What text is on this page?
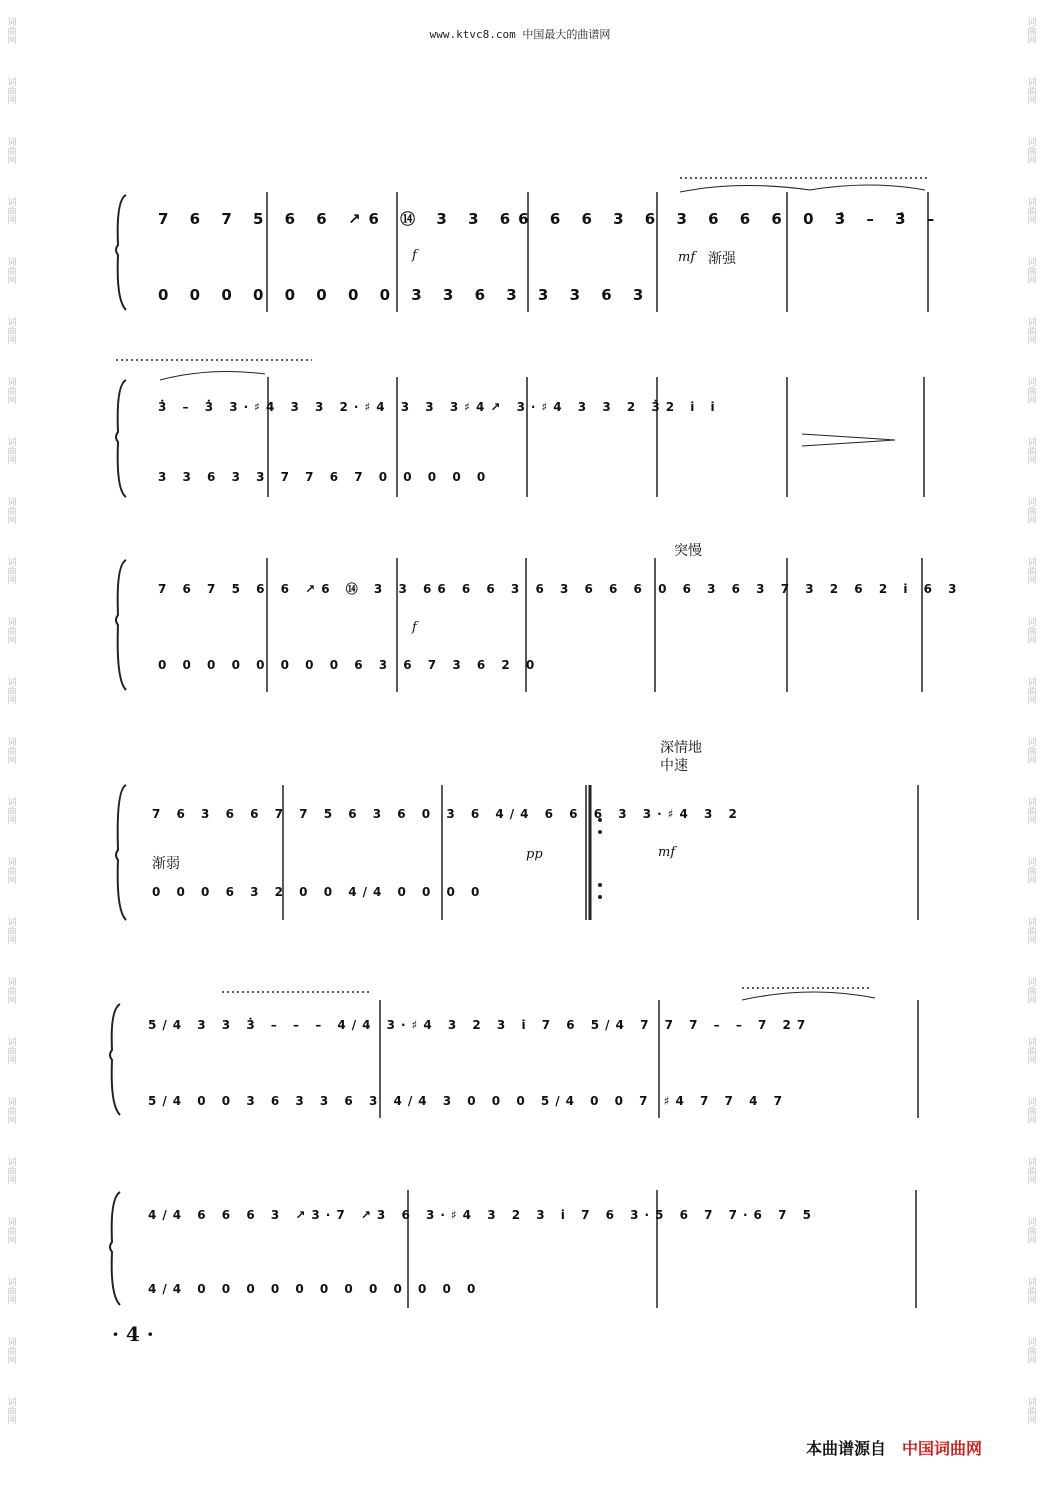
词曲网
词曲网
词曲网
词曲网
词曲网
词曲网
词曲网
词曲网
词曲网
词曲网
词曲网
词曲网
词曲网
词曲网
词曲网
词曲网
词曲网
词曲网
词曲网
词曲网
词曲网
词曲网
词曲网
词曲网
词曲网
词曲网
词曲网
词曲网
词曲网
词曲网
词曲网
词曲网
词曲网
词曲网
词曲网
词曲网
词曲网
词曲网
词曲网
词曲网
词曲网
词曲网
词曲网
词曲网
词曲网
词曲网
词曲网
词曲网
www.ktvc8.com 中国最大的曲谱网
7 6 7 5 6 6 ↗6 ⑭ 3 3 66 6 6 3 6 3 6 6 6 0 3̇ – 3̇ –
0 0 0 0 0 0 0 0 3 3 6 3 3 3 6 3
f	mf 渐强
3̇ – 3̇ 3·♯4 3 3 2·♯4 3 3 3♯4↗ 3·♯4 3 3 2 3̇2 i i
3 3 6 3 3 7 7 6 7 0 0 0 0 0
7 6 7 5 6 6 ↗6 ⑭ 3 3 66 6 6 3 6 3 6 6 6 0 6 3 6 3 7 3 2 6 2 i 6 3
0 0 0 0 0 0 0 0 6 3 6 7 3 6 2 0
f
突慢
7 6 3 6 6 7 7 5 6 3 6 0 3 6 4/4 6 6 6 3 3·♯4 3 2
0 0 0 6 3 2 0 0 4/4 0 0 0 0
渐弱
pp	mf
深情地
中速
5/4 3 3 3̇ – – – 4/4 3·♯4 3 2 3 i 7 6 5/4 7 7 7 – – 7 27
5/4 0 0 3 6 3 3 6 3 4/4 3 0 0 0 5/4 0 0 7 ♯4 7 7 4 7
4/4 6 6 6 3 ↗3·7 ↗3 6 3·♯4 3 2 3 i 7 6 3·5 6 7 7·6 7 5
4/4 0 0 0 0 0 0 0 0 0 0 0 0
· 4 ·
本曲谱源自 中国词曲网
